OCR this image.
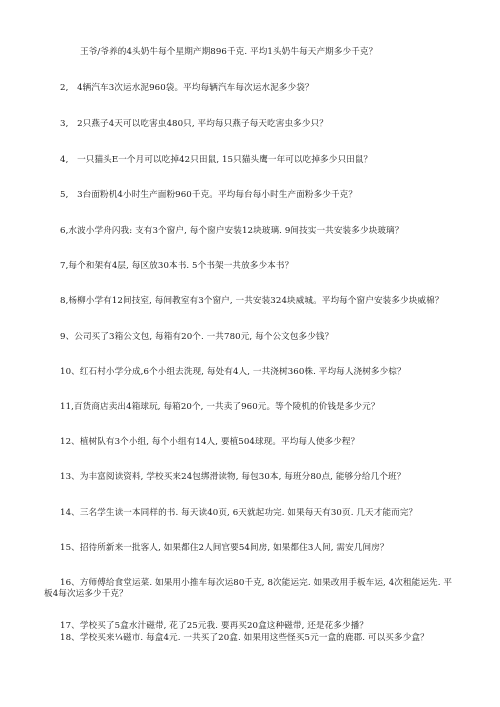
王爷/爷养的4头奶牛每个星期产期896千克. 平均1头奶牛每天产期多少千克？
2,　4辆汽车3次运水泥960袋。平均每辆汽车每次运水泥多少袋？
3,　2只燕子4天可以吃害虫480只, 平均每只燕子每天吃害虫多少只？
4,　一只猫头E一个月可以吃掉42只田鼠, 15只猫头鹰一年可以吃掉多少只田鼠？
5,　3台面粉机4小时生产面粉960千克。平均每台每小时生产面粉多少千克？
6,水波小学舟闪我: 支有3个窗户, 每个窗户安装12块玻璃. 9间技实一共安装多少块玻璃？
7,每个和架有4层, 每区放30本书. 5个书架一共放多少本书？
8,杨柳小学有12间技室, 每间教室有3个窗户, 一共安装324块威城。平均每个窗户安装多少块威棉？
9、公司买了3箱公文包, 每箱有20个. 一共780元, 每个公文包多少钱？
10、红石村小学分成,6个小组去洗现, 每处有4人, 一共浇树360株. 平均每人浇树多少棕？
11,百货商店卖出4箱球玩, 每箱20个, 一共卖了960元。等个陵机的价钱是多少元？
12、植树队有3个小组, 每个小组有14人, 要植504球现。平均每人使多少程？
13、为丰富阅读资料, 学校买来24包绑滑读物, 每包30本, 每班分80点, 能够分给几个班？
14、三名学生读一本同样的书. 每天读40页, 6天就起功完. 如果每天有30页. 几天才能而完？
15、招待所新来一批客人, 如果都住2人间官要54间房, 如果都住3人间, 需安几间房？
16、方师傅给食堂运菜. 如果用小推车每次运80千克, 8次能运完. 如果改用手板车运, 4次租能运先. 平板4每次运多少千克？
17、学校买了5盒水汁磁带, 花了25元我. 要再买20盒这种磁带, 还是花多少播？
18、学校买来¼磁市. 每盒4元. 一共买了20盒. 如果用这些怪买5元一盒的鹿郡. 可以买多少盒？
